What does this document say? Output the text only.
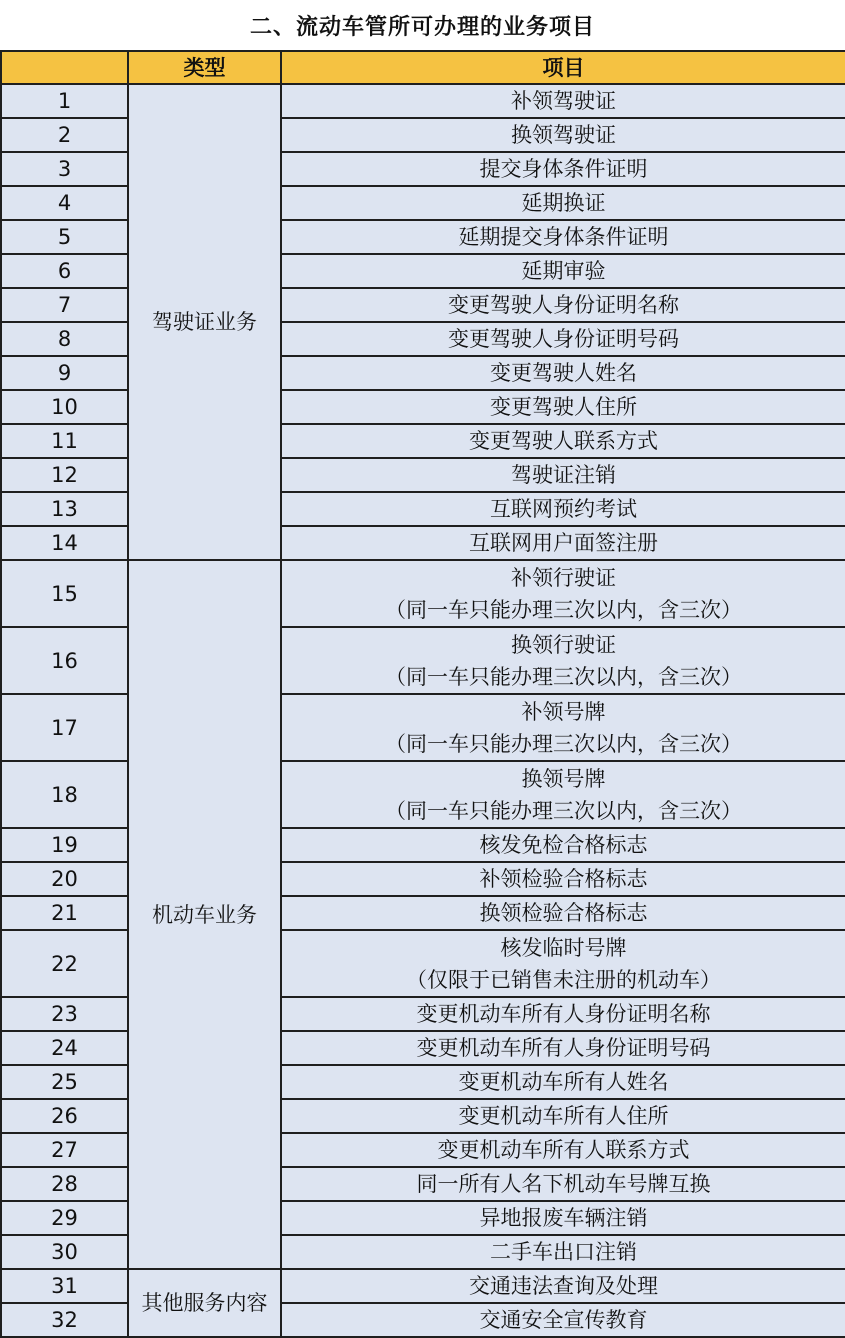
二、流动车管所可办理的业务项目
	类型	项目
1	驾驶证业务	补领驾驶证

2		换领驾驶证

3		提交身体条件证明

4		延期换证

5		延期提交身体条件证明

6		延期审验

7		变更驾驶人身份证明名称

8		变更驾驶人身份证明号码

9		变更驾驶人姓名

10		变更驾驶人住所

11		变更驾驶人联系方式

12		驾驶证注销

13		互联网预约考试

14		互联网用户面签注册

15	机动车业务	补领行驶证
（同一车只能办理三次以内，含三次）

16		换领行驶证
（同一车只能办理三次以内，含三次）

17		补领号牌
（同一车只能办理三次以内，含三次）

18		换领号牌
（同一车只能办理三次以内，含三次）

19		核发免检合格标志

20		补领检验合格标志

21		换领检验合格标志

22		核发临时号牌
（仅限于已销售未注册的机动车）

23		变更机动车所有人身份证明名称

24		变更机动车所有人身份证明号码

25		变更机动车所有人姓名

26		变更机动车所有人住所

27		变更机动车所有人联系方式

28		同一所有人名下机动车号牌互换

29		异地报废车辆注销

30		二手车出口注销

31	其他服务内容	交通违法查询及处理

32		交通安全宣传教育
